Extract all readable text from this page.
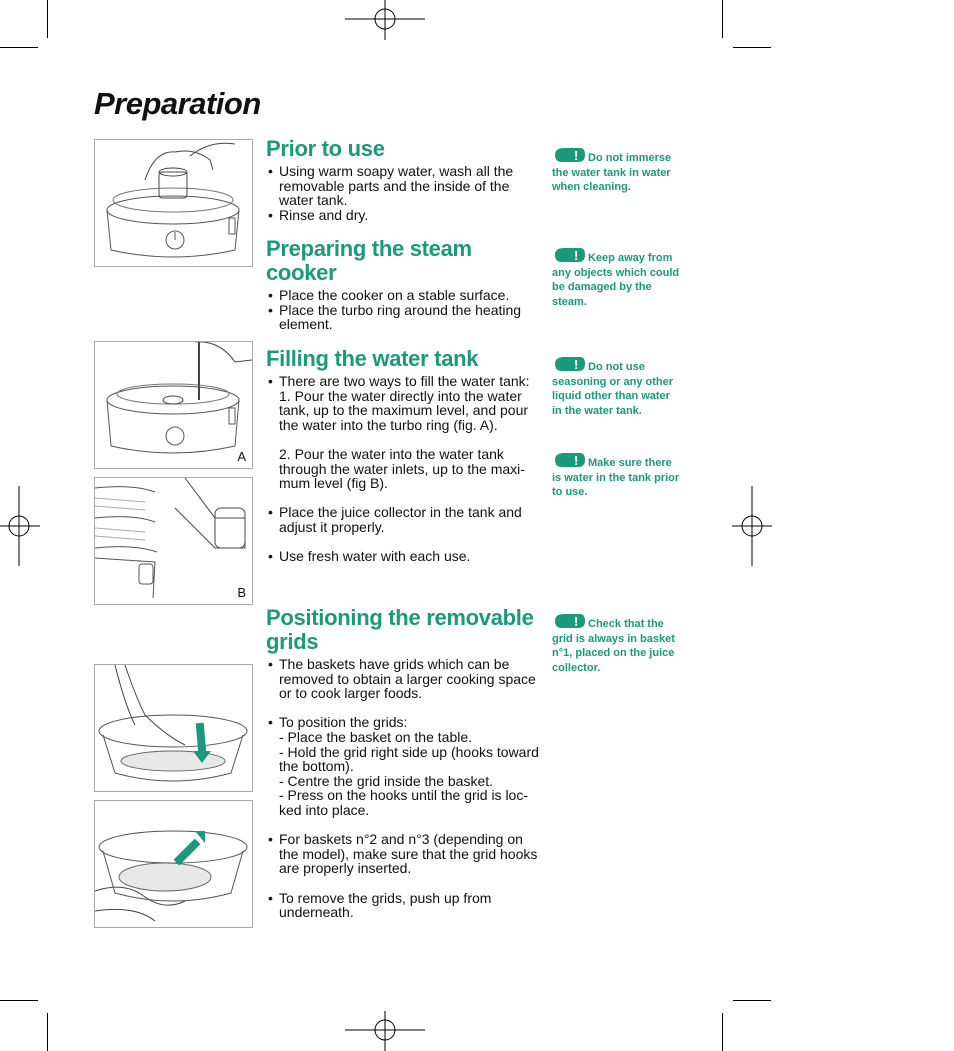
Preparation
A
B
Prior to use
• Using warm soapy water, wash all the removable parts and the inside of the water tank.
• Rinse and dry.
Preparing the steam
cooker
• Place the cooker on a stable surface.
• Place the turbo ring around the heating element.
Filling the water tank
• There are two ways to fill the water tank:
1. Pour the water directly into the water tank, up to the maximum level, and pour the water into the turbo ring (fig. A).
2. Pour the water into the water tank through the water inlets, up to the maxi-mum level (fig B).
• Place the juice collector in the tank and adjust it properly.
• Use fresh water with each use.
Positioning the removable
grids
• The baskets have grids which can be removed to obtain a larger cooking space or to cook larger foods.
• To position the grids:
- Place the basket on the table.
- Hold the grid right side up (hooks toward the bottom).
- Centre the grid inside the basket.
- Press on the hooks until the grid is loc-ked into place.
• For baskets n°2 and n°3 (depending on the model), make sure that the grid hooks are properly inserted.
• To remove the grids, push up from underneath.
! Do not immerse the water tank in water when cleaning.
! Keep away from any objects which could be damaged by the steam.
! Do not use seasoning or any other liquid other than water in the water tank.
! Make sure there is water in the tank prior to use.
! Check that the grid is always in basket n°1, placed on the juice collector.
